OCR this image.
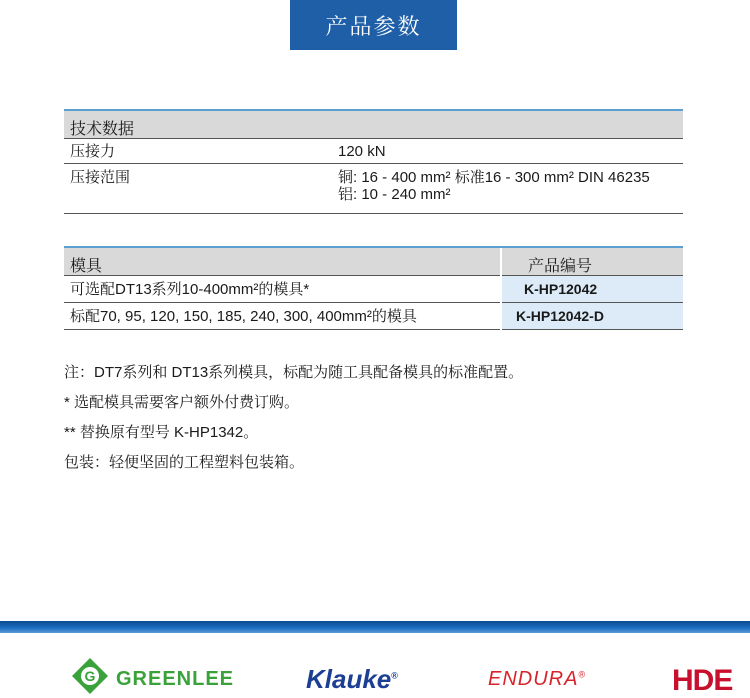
产品参数
技术数据	
压接力	120 kN
压接范围	铜: 16 - 400 mm² 标准16 - 300 mm² DIN 46235
铝: 10 - 240 mm²
模具	产品编号
可选配DT13系列10-400mm²的模具*	K-HP12042
标配70, 95, 120, 150, 185, 240, 300, 400mm²的模具	K-HP12042-D
注：DT7系列和 DT13系列模具，标配为随工具配备模具的标准配置。
* 选配模具需要客户额外付费订购。
** 替换原有型号 K-HP1342。
包装：轻便坚固的工程塑料包装箱。
G GREENLEE	Klauke®	ENDURA®	HDE
